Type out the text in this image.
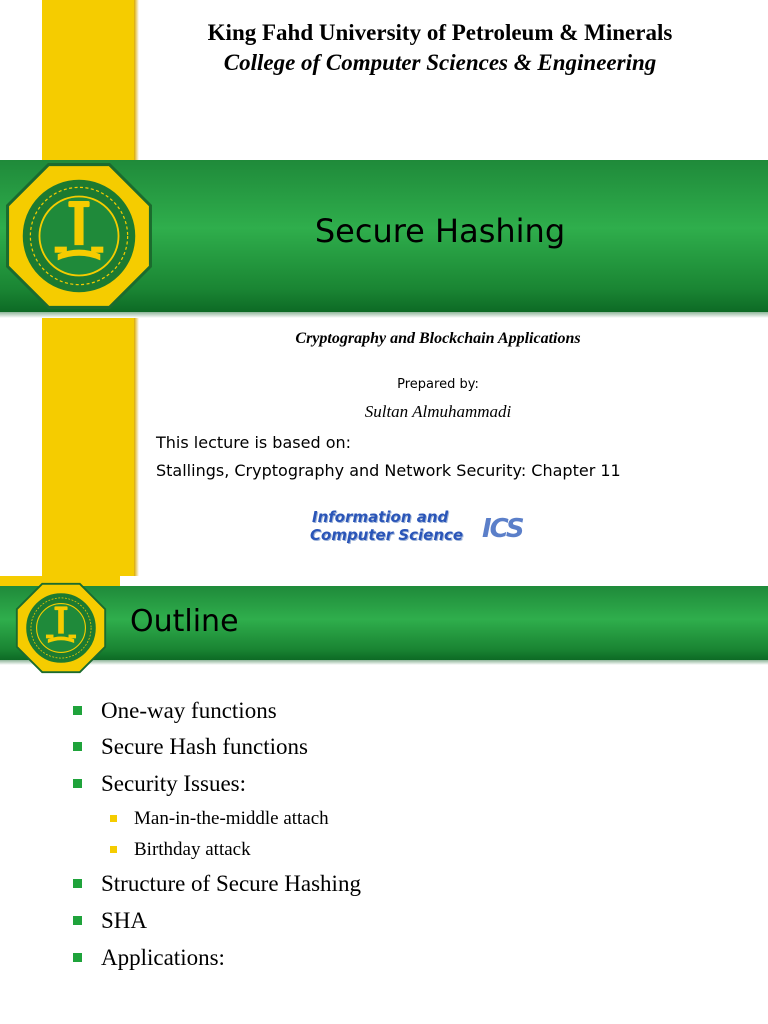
King Fahd University of Petroleum & Minerals
College of Computer Sciences & Engineering
Secure Hashing
Cryptography and Blockchain Applications
Prepared by:
Sultan Almuhammadi
This lecture is based on:
Stallings, Cryptography and Network Security: Chapter 11
Information and
Computer Science ICS
Outline
One-way functions
Secure Hash functions
Security Issues:
Man-in-the-middle attach
Birthday attack
Structure of Secure Hashing
SHA
Applications:
